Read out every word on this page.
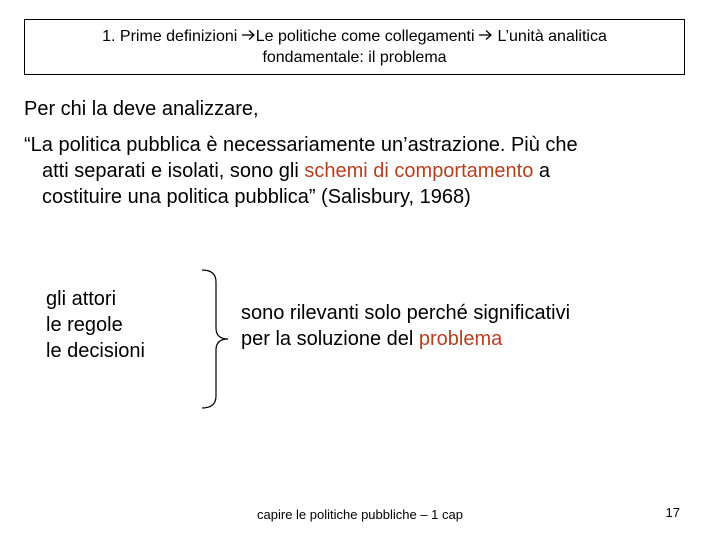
1. Prime definizioni Le politiche come collegamenti  L’unità analitica
fondamentale: il problema
Per chi la deve analizzare,
“La politica pubblica è necessariamente un’astrazione. Più che
atti separati e isolati, sono gli schemi di comportamento a
costituire una politica pubblica” (Salisbury, 1968)
gli attori
le regole
le decisioni
sono rilevanti solo perché significativi
per la soluzione del problema
capire le politiche pubbliche – 1 cap	17
